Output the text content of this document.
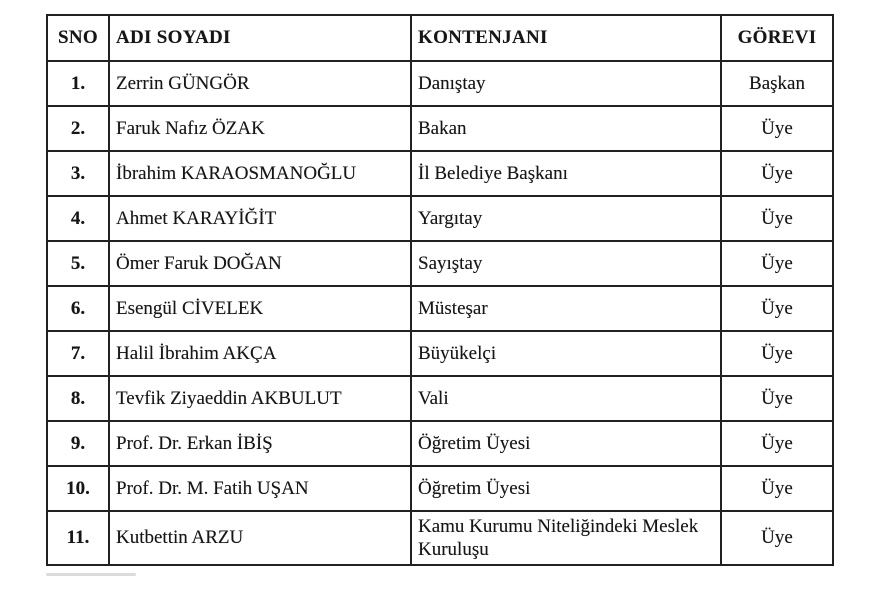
SNO	ADI SOYADI	KONTENJANI	GÖREVI
1.	Zerrin GÜNGÖR	Danıştay	Başkan
2.	Faruk Nafız ÖZAK	Bakan	Üye
3.	İbrahim KARAOSMANOĞLU	İl Belediye Başkanı	Üye
4.	Ahmet KARAYİĞİT	Yargıtay	Üye
5.	Ömer Faruk DOĞAN	Sayıştay	Üye
6.	Esengül CİVELEK	Müsteşar	Üye
7.	Halil İbrahim AKÇA	Büyükelçi	Üye
8.	Tevfik Ziyaeddin AKBULUT	Vali	Üye
9.	Prof. Dr. Erkan İBİŞ	Öğretim Üyesi	Üye
10.	Prof. Dr. M. Fatih UŞAN	Öğretim Üyesi	Üye
11.	Kutbettin ARZU	Kamu Kurumu Niteliğindeki Meslek Kuruluşu	Üye
